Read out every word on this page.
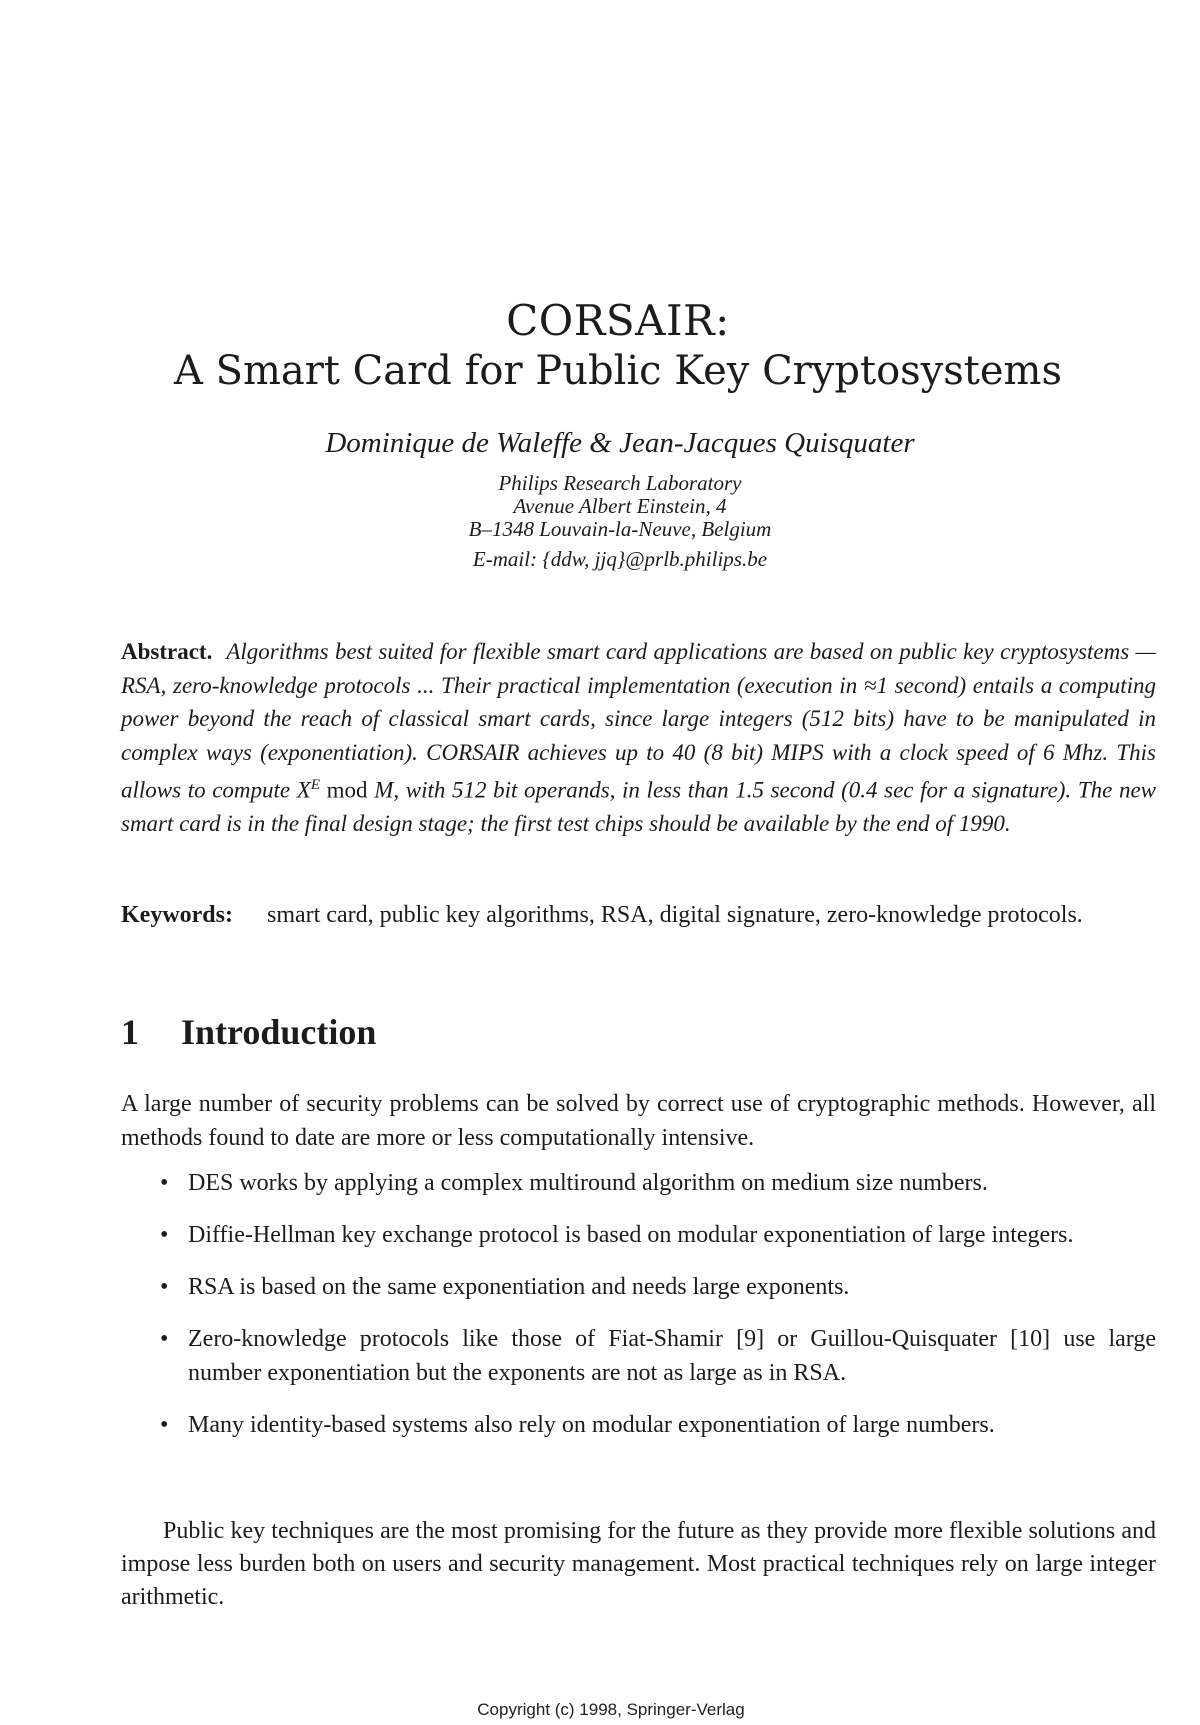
CORSAIR:
A Smart Card for Public Key Cryptosystems
Dominique de Waleffe & Jean-Jacques Quisquater
Philips Research Laboratory
Avenue Albert Einstein, 4
B–1348 Louvain-la-Neuve, Belgium
E-mail: {ddw, jjq}@prlb.philips.be
Abstract. Algorithms best suited for flexible smart card applications are based on public key cryptosystems — RSA, zero-knowledge protocols ... Their practical implementation (execution in ≈1 second) entails a computing power beyond the reach of classical smart cards, since large integers (512 bits) have to be manipulated in complex ways (exponentiation). CORSAIR achieves up to 40 (8 bit) MIPS with a clock speed of 6 Mhz. This allows to compute $X^E$ mod M, with 512 bit operands, in less than 1.5 second (0.4 sec for a signature). The new smart card is in the final design stage; the first test chips should be available by the end of 1990.
Keywords: smart card, public key algorithms, RSA, digital signature, zero-knowledge protocols.
1 Introduction

A large number of security problems can be solved by correct use of cryptographic methods. However, all methods found to date are more or less computationally intensive.

• DES works by applying a complex multiround algorithm on medium size numbers.
• Diffie-Hellman key exchange protocol is based on modular exponentiation of large integers.
• RSA is based on the same exponentiation and needs large exponents.
• Zero-knowledge protocols like those of Fiat-Shamir [9] or Guillou-Quisquater [10] use large number exponentiation but the exponents are not as large as in RSA.
• Many identity-based systems also rely on modular exponentiation of large numbers.

Public key techniques are the most promising for the future as they provide more flexible solutions and impose less burden both on users and security management. Most practical techniques rely on large integer arithmetic.

Copyright (c) 1998, Springer-Verlag
